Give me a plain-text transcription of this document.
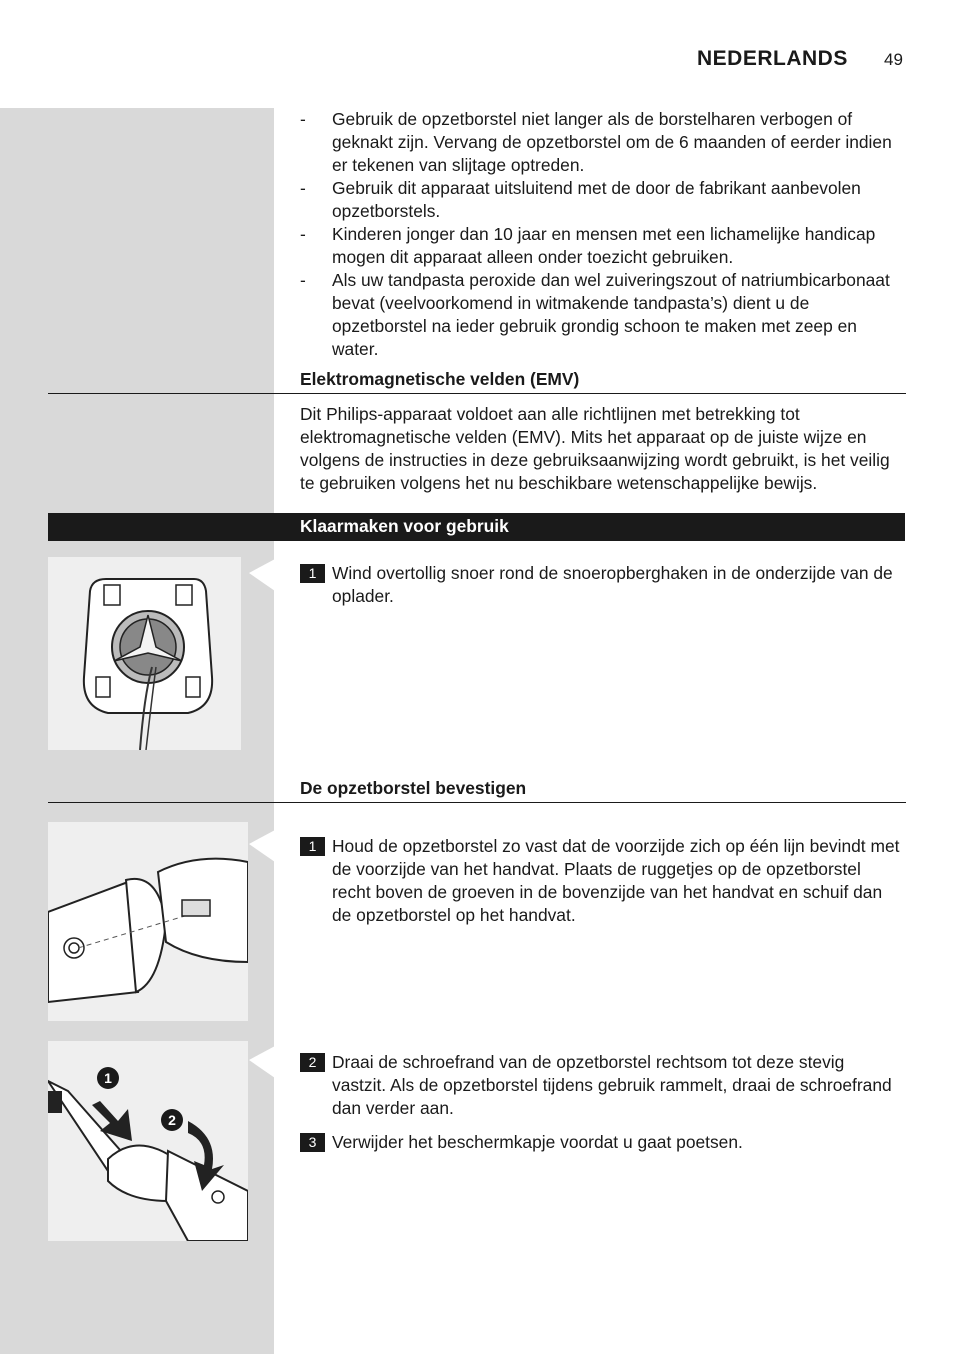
NEDERLANDS 49
- Gebruik de opzetborstel niet langer als de borstelharen verbogen of geknakt zijn. Vervang de opzetborstel om de 6 maanden of eerder indien er tekenen van slijtage optreden.
- Gebruik dit apparaat uitsluitend met de door de fabrikant aanbevolen opzetborstels.
- Kinderen jonger dan 10 jaar en mensen met een lichamelijke handicap mogen dit apparaat alleen onder toezicht gebruiken.
- Als uw tandpasta peroxide dan wel zuiveringszout of natriumbicarbonaat bevat (veelvoorkomend in witmakende tandpasta’s) dient u de opzetborstel na ieder gebruik grondig schoon te maken met zeep en water.
Elektromagnetische velden (EMV)

Dit Philips-apparaat voldoet aan alle richtlijnen met betrekking tot elektromagnetische velden (EMV). Mits het apparaat op de juiste wijze en volgens de instructies in deze gebruiksaanwijzing wordt gebruikt, is het veilig te gebruiken volgens het nu beschikbare wetenschappelijke bewijs.

Klaarmaken voor gebruik
1 Wind overtollig snoer rond de snoeropberghaken in de onderzijde van de oplader.
De opzetborstel bevestigen
1 Houd de opzetborstel zo vast dat de voorzijde zich op één lijn bevindt met de voorzijde van het handvat. Plaats de ruggetjes op de opzetborstel recht boven de groeven in de bovenzijde van het handvat en schuif dan de opzetborstel op het handvat.
1
2
2 Draai de schroefrand van de opzetborstel rechtsom tot deze stevig vastzit. Als de opzetborstel tijdens gebruik rammelt, draai de schroefrand dan verder aan.
3 Verwijder het beschermkapje voordat u gaat poetsen.
